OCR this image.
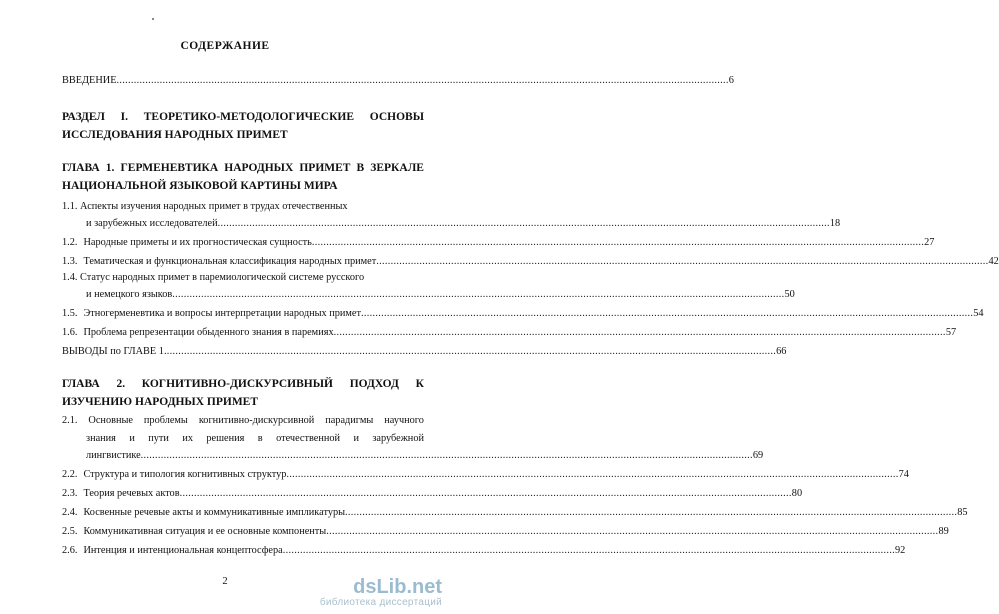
СОДЕРЖАНИЕ
ВВЕДЕНИЕ ..................................................................................................................................................................................................................... 6
РАЗДЕЛ I. ТЕОРЕТИКО-МЕТОДОЛОГИЧЕСКИЕ ОСНОВЫ
ИССЛЕДОВАНИЯ НАРОДНЫХ ПРИМЕТ
ГЛАВА 1. ГЕРМЕНЕВТИКА НАРОДНЫХ ПРИМЕТ В ЗЕРКАЛЕ
НАЦИОНАЛЬНОЙ ЯЗЫКОВОЙ КАРТИНЫ МИРА
1.1. Аспекты изучения народных примет в трудах отечественных
и зарубежных исследователей ..................................................................................................................................................................................................................... 18
1.2. Народные приметы и их прогностическая сущность ..................................................................................................................................................................................................................... 27
1.3. Тематическая и функциональная классификация народных примет ..................................................................................................................................................................................................................... 42
1.4. Статус народных примет в паремиологической системе русского
и немецкого языков ..................................................................................................................................................................................................................... 50
1.5. Этногерменевтика и вопросы интерпретации народных примет ..................................................................................................................................................................................................................... 54
1.6. Проблема репрезентации обыденного знания в паремиях ..................................................................................................................................................................................................................... 57
ВЫВОДЫ по ГЛАВЕ 1 ..................................................................................................................................................................................................................... 66
ГЛАВА 2. КОГНИТИВНО-ДИСКУРСИВНЫЙ ПОДХОД К
ИЗУЧЕНИЮ НАРОДНЫХ ПРИМЕТ
2.1. Основные проблемы когнитивно-дискурсивной парадигмы научного
знания и пути их решения в отечественной и зарубежной
лингвистике ..................................................................................................................................................................................................................... 69
2.2. Структура и типология когнитивных структур ..................................................................................................................................................................................................................... 74
2.3. Теория речевых актов ..................................................................................................................................................................................................................... 80
2.4. Косвенные речевые акты и коммуникативные импликатуры ..................................................................................................................................................................................................................... 85
2.5. Коммуникативная ситуация и ее основные компоненты ..................................................................................................................................................................................................................... 89
2.6. Интенция и интенциональная концептосфера ..................................................................................................................................................................................................................... 92
2	dsLib.net
библиотека диссертаций
